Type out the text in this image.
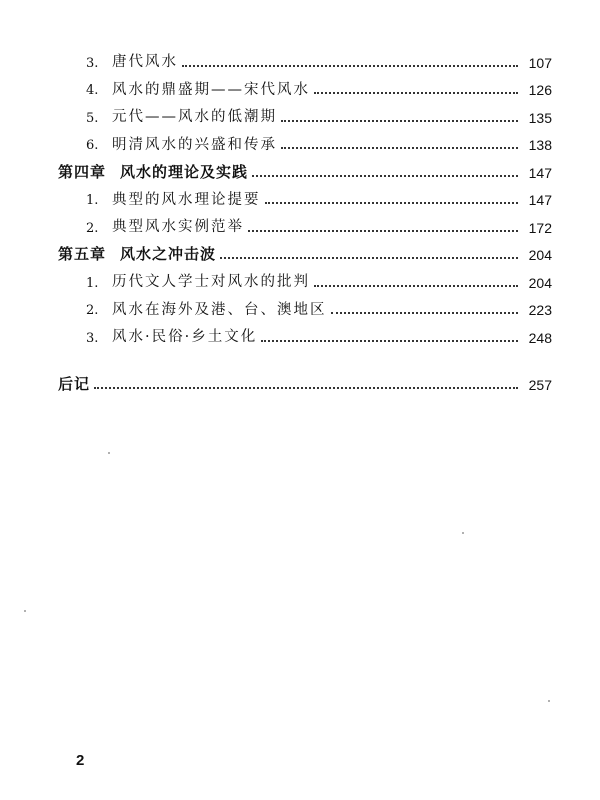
3. 唐代风水	107
4. 风水的鼎盛期——宋代风水	126
5. 元代——风水的低潮期	135
6. 明清风水的兴盛和传承	138
第四章 风水的理论及实践	147
1. 典型的风水理论提要	147
2. 典型风水实例范举	172
第五章 风水之冲击波	204
1. 历代文人学士对风水的批判	204
2. 风水在海外及港、台、澳地区	223
3. 风水·民俗·乡土文化	248
后记	257
2
